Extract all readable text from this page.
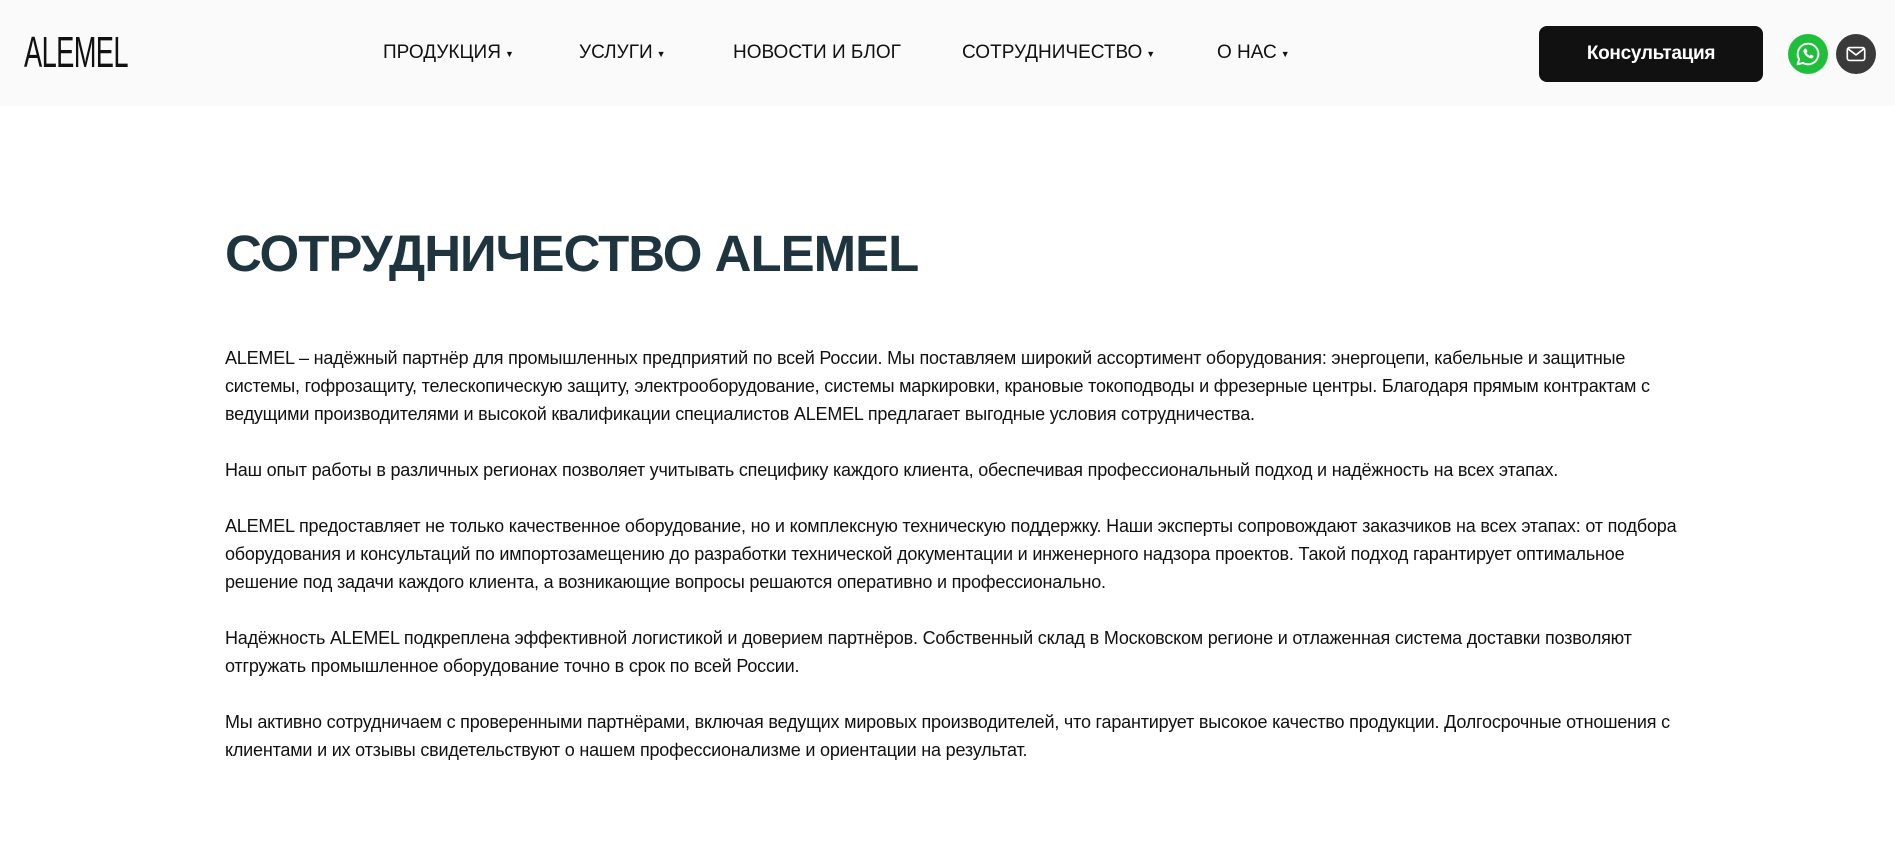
ALEMEL	ПРОДУКЦИЯ ▼	УСЛУГИ ▼	НОВОСТИ И БЛОГ	СОТРУДНИЧЕСТВО ▼	О НАС ▼	Консультация
СОТРУДНИЧЕСТВО ALEMEL

ALEMEL – надёжный партнёр для промышленных предприятий по всей России. Мы поставляем широкий ассортимент оборудования: энергоцепи, кабельные и защитные системы, гофрозащиту, телескопическую защиту, электрооборудование, системы маркировки, крановые токоподводы и фрезерные центры. Благодаря прямым контрактам с ведущими производителями и высокой квалификации специалистов ALEMEL предлагает выгодные условия сотрудничества.

Наш опыт работы в различных регионах позволяет учитывать специфику каждого клиента, обеспечивая профессиональный подход и надёжность на всех этапах.

ALEMEL предоставляет не только качественное оборудование, но и комплексную техническую поддержку. Наши эксперты сопровождают заказчиков на всех этапах: от подбора оборудования и консультаций по импортозамещению до разработки технической документации и инженерного надзора проектов. Такой подход гарантирует оптимальное решение под задачи каждого клиента, а возникающие вопросы решаются оперативно и профессионально.

Надёжность ALEMEL подкреплена эффективной логистикой и доверием партнёров. Собственный склад в Московском регионе и отлаженная система доставки позволяют отгружать промышленное оборудование точно в срок по всей России.

Мы активно сотрудничаем с проверенными партнёрами, включая ведущих мировых производителей, что гарантирует высокое качество продукции. Долгосрочные отношения с клиентами и их отзывы свидетельствуют о нашем профессионализме и ориентации на результат.
